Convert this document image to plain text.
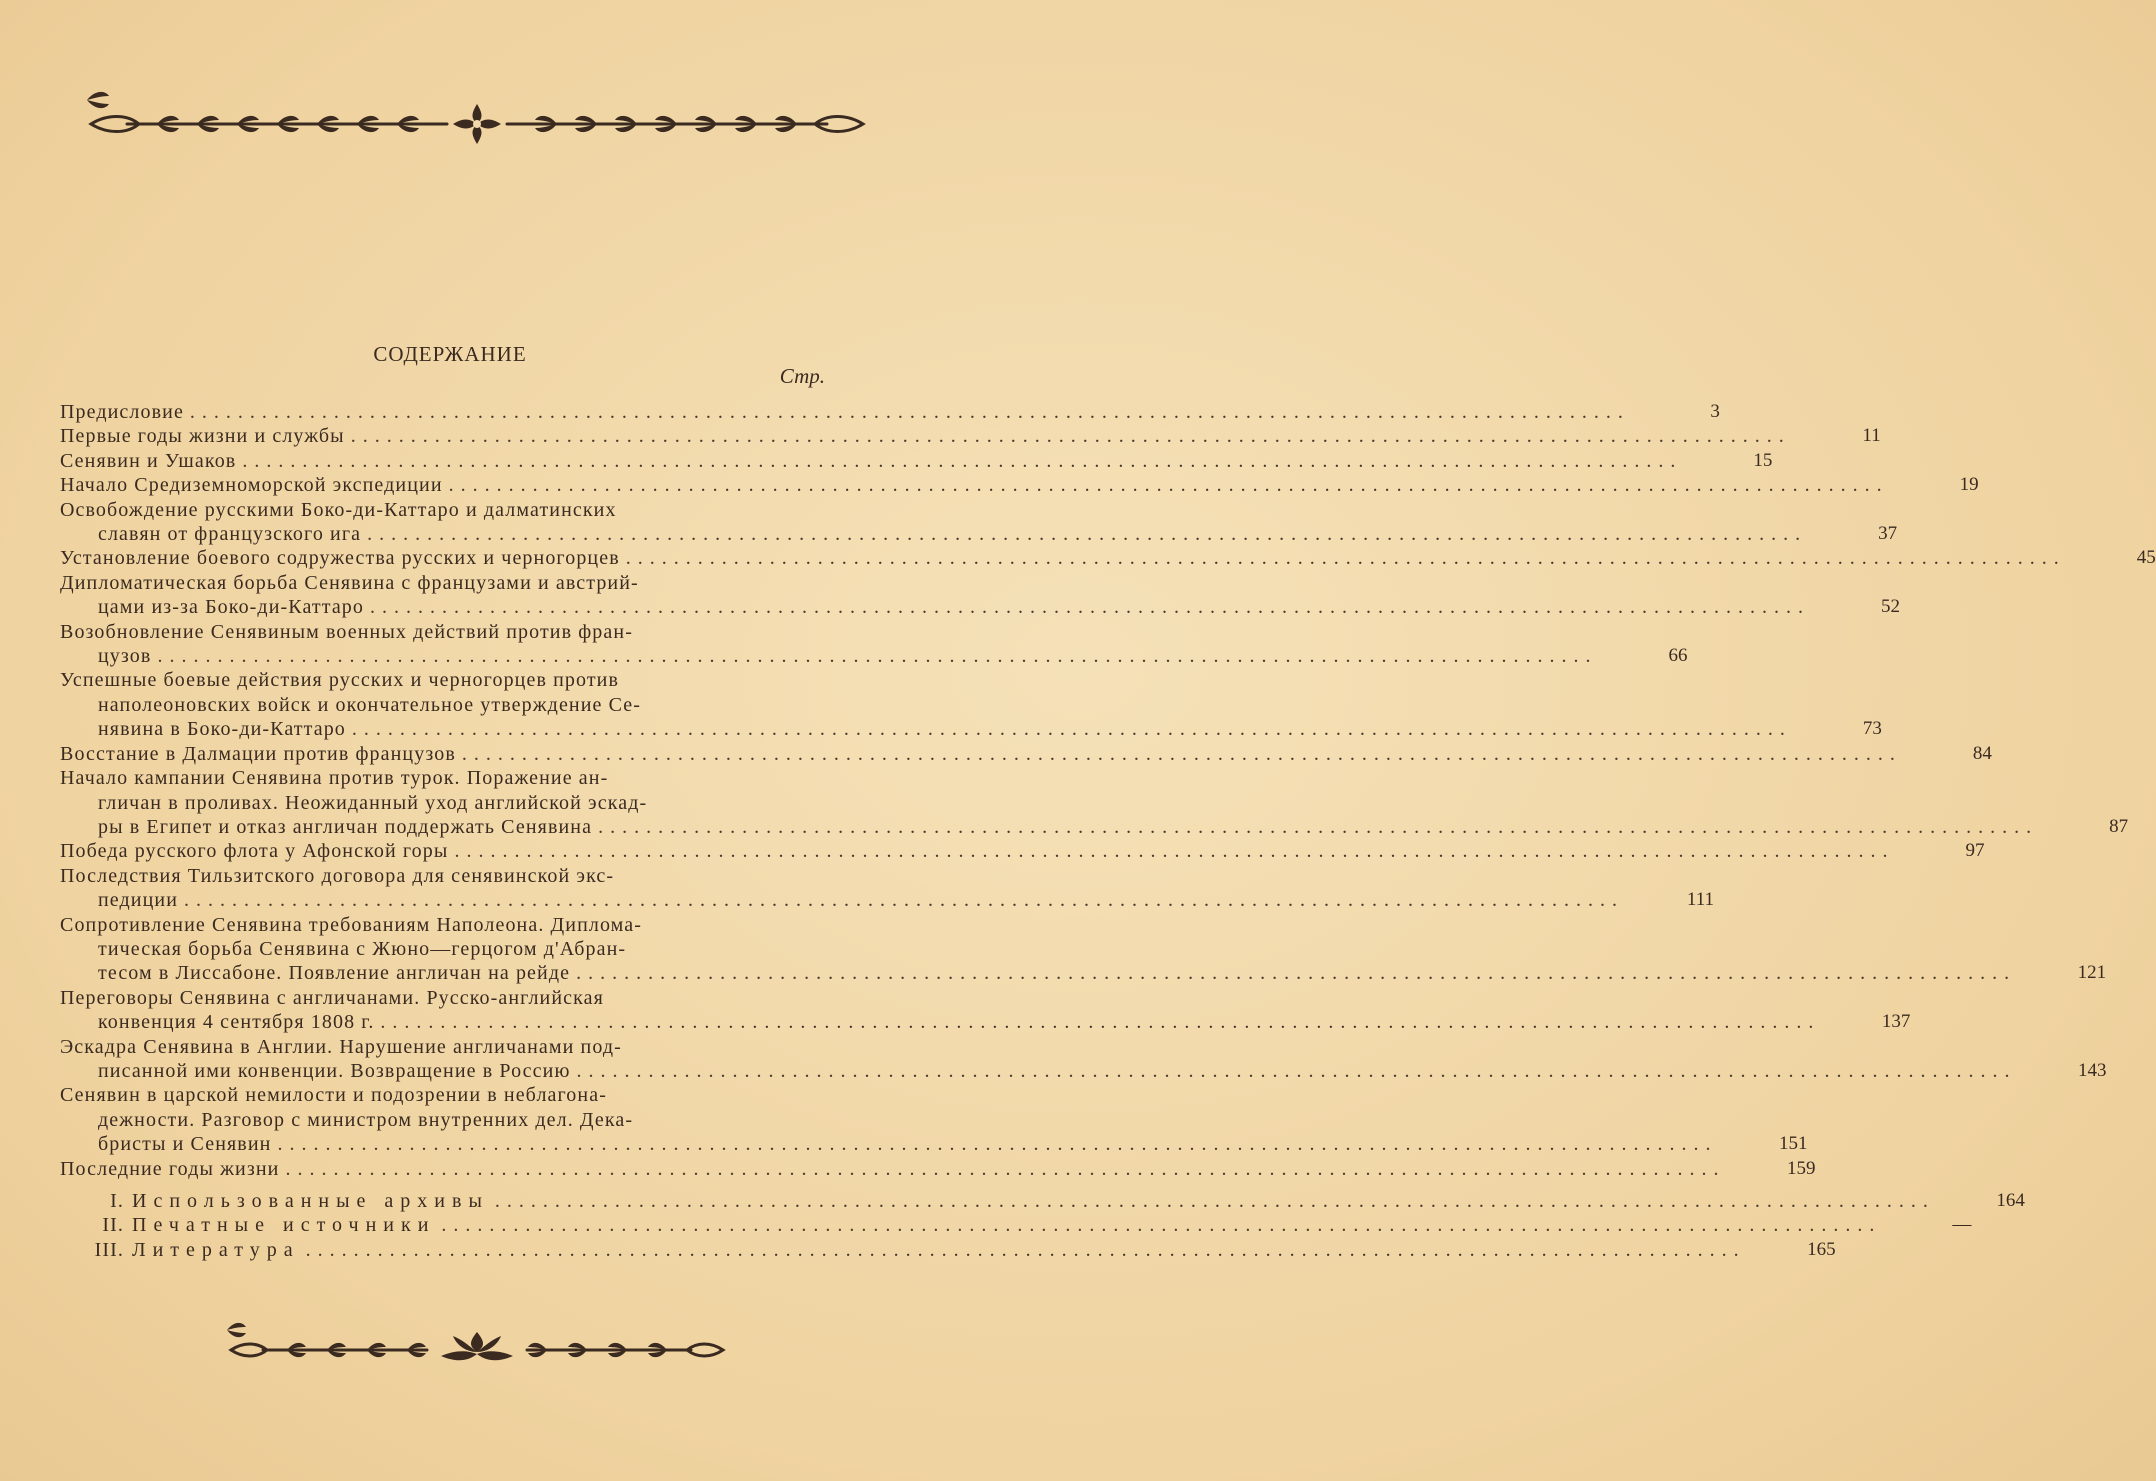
СОДЕРЖАНИЕ
Стр.
Предисловие ........................................................................................................................	3
Первые годы жизни и службы ........................................................................................................................	11
Сенявин и Ушаков ........................................................................................................................	15
Начало Средиземноморской экспедиции ........................................................................................................................	19
Освобождение русскими Боко-ди-Каттаро и далматинских
славян от французского ига ........................................................................................................................	37
Установление боевого содружества русских и черногорцев ........................................................................................................................	45
Дипломатическая борьба Сенявина с французами и австрий-
цами из-за Боко-ди-Каттаро ........................................................................................................................	52
Возобновление Сенявиным военных действий против фран-
цузов ........................................................................................................................	66
Успешные боевые действия русских и черногорцев против
наполеоновских войск и окончательное утверждение Се-
нявина в Боко-ди-Каттаро ........................................................................................................................	73
Восстание в Далмации против французов ........................................................................................................................	84
Начало кампании Сенявина против турок. Поражение ан-
гличан в проливах. Неожиданный уход английской эскад-
ры в Египет и отказ англичан поддержать Сенявина ........................................................................................................................	87
Победа русского флота у Афонской горы ........................................................................................................................	97
Последствия Тильзитского договора для сенявинской экс-
педиции ........................................................................................................................	111
Сопротивление Сенявина требованиям Наполеона. Диплома-
тическая борьба Сенявина с Жюно—герцогом д'Абран-
тесом в Лиссабоне. Появление англичан на рейде ........................................................................................................................	121
Переговоры Сенявина с англичанами. Русско-английская
конвенция 4 сентября 1808 г. ........................................................................................................................	137
Эскадра Сенявина в Англии. Нарушение англичанами под-
писанной ими конвенции. Возвращение в Россию ........................................................................................................................	143
Сенявин в царской немилости и подозрении в неблагона-
дежности. Разговор с министром внутренних дел. Дека-
бристы и Сенявин ........................................................................................................................	151
Последние годы жизни ........................................................................................................................	159
I. Использованные архивы ........................................................................................................................	164
II. Печатные источники ........................................................................................................................	—
III. Литература ........................................................................................................................	165
